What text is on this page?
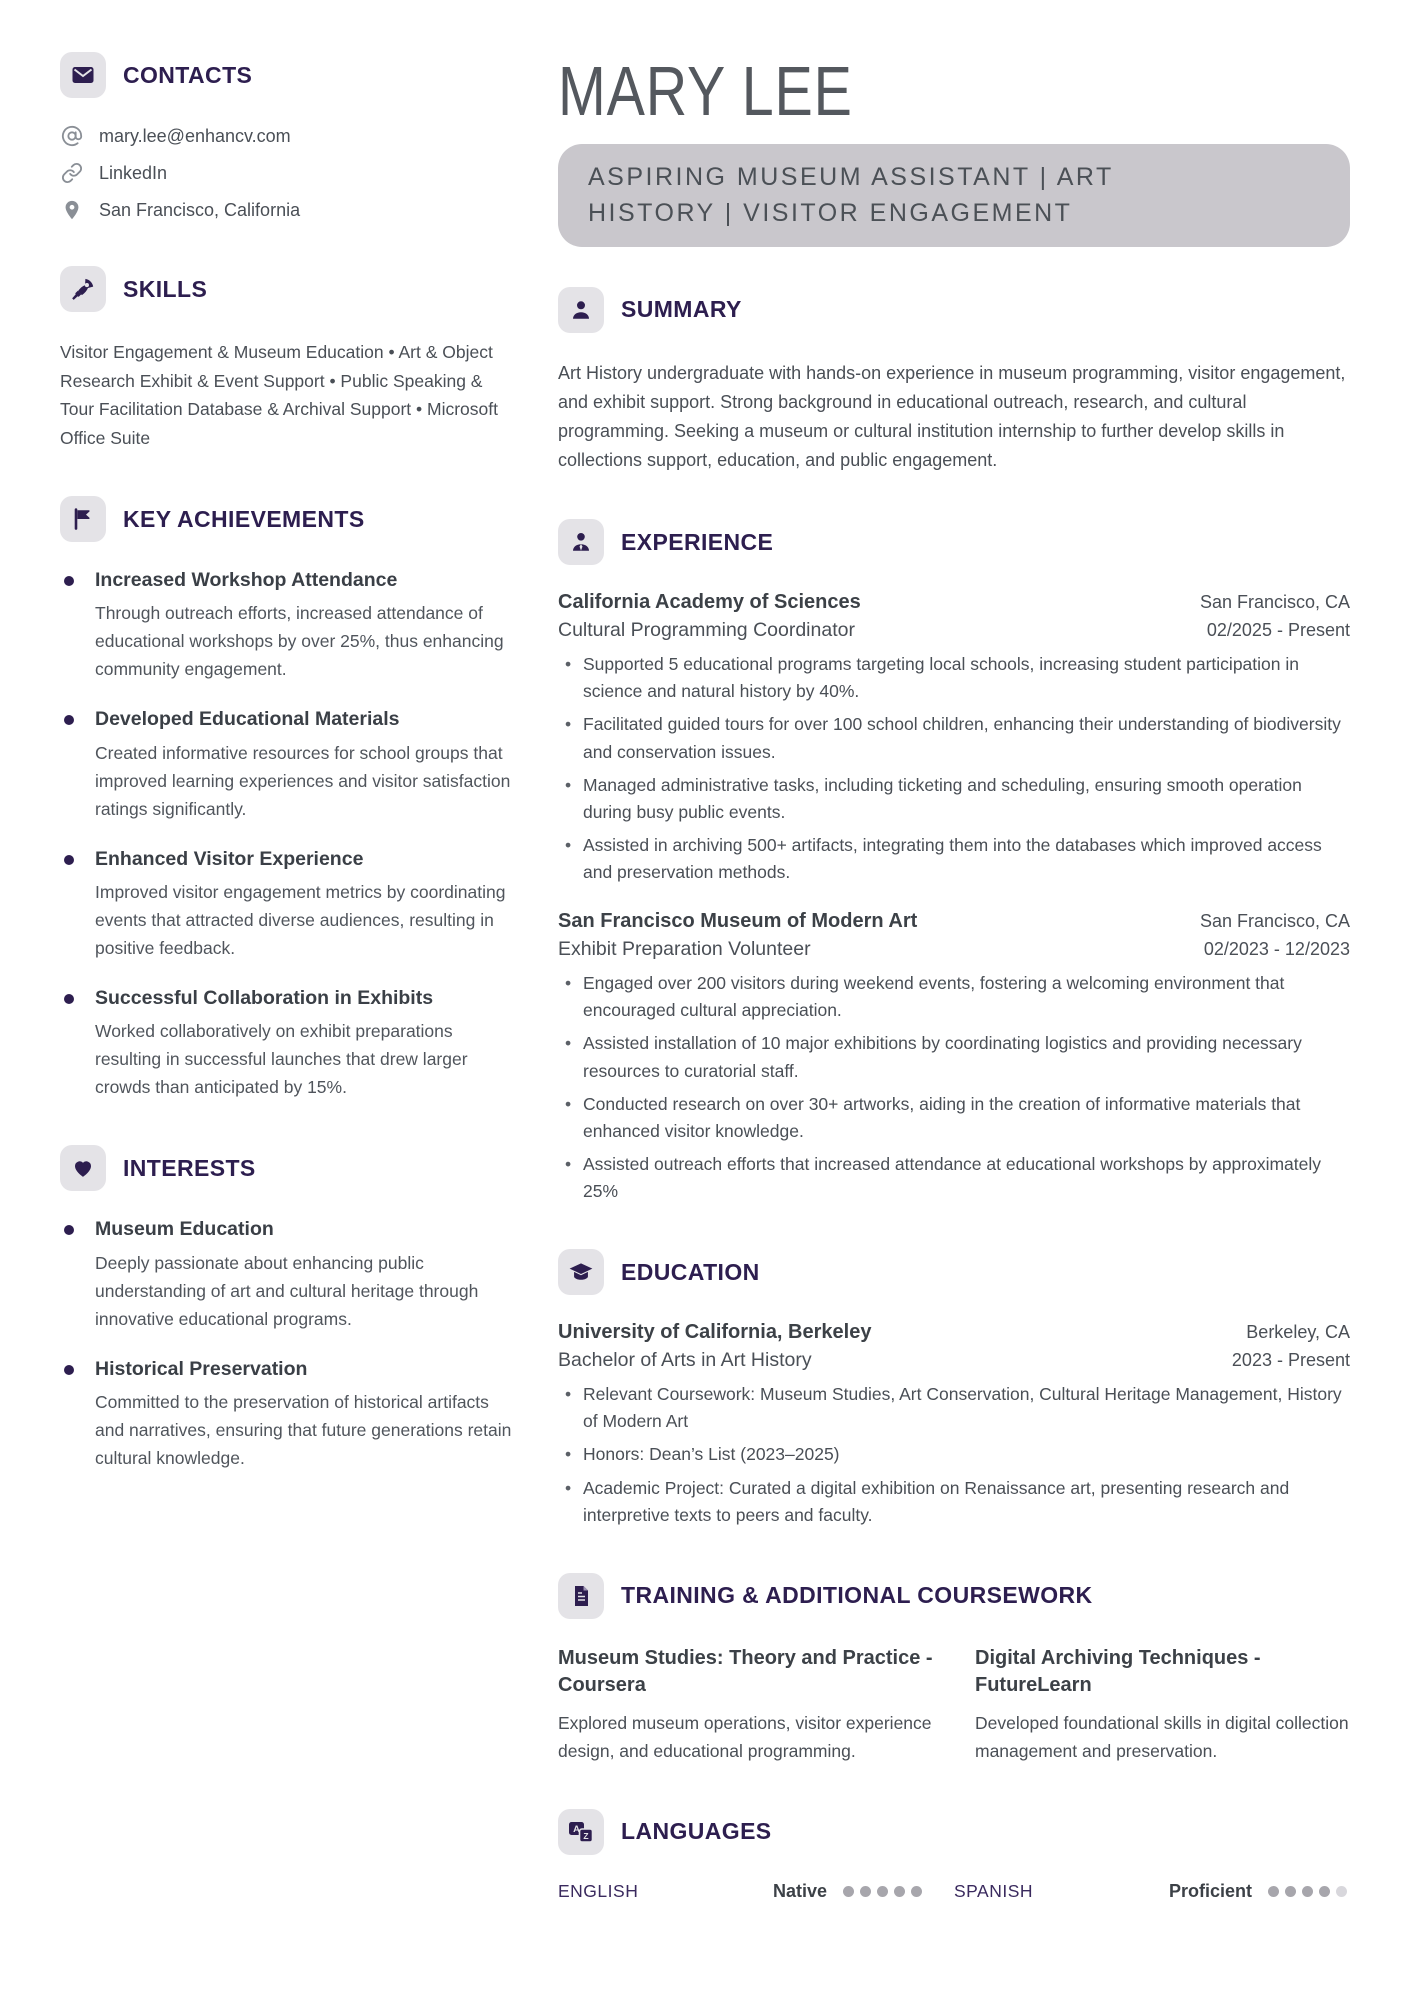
CONTACTS
mary.lee@enhancv.com
LinkedIn
San Francisco, California
SKILLS

Visitor Engagement & Museum Education • Art & Object Research Exhibit & Event Support • Public Speaking & Tour Facilitation Database & Archival Support • Microsoft Office Suite

KEY ACHIEVEMENTS
Increased Workshop Attendance
Through outreach efforts, increased attendance of educational workshops by over 25%, thus enhancing community engagement.
Developed Educational Materials
Created informative resources for school groups that improved learning experiences and visitor satisfaction ratings significantly.
Enhanced Visitor Experience
Improved visitor engagement metrics by coordinating events that attracted diverse audiences, resulting in positive feedback.
Successful Collaboration in Exhibits
Worked collaboratively on exhibit preparations resulting in successful launches that drew larger crowds than anticipated by 15%.
INTERESTS
Museum Education
Deeply passionate about enhancing public understanding of art and cultural heritage through innovative educational programs.
Historical Preservation
Committed to the preservation of historical artifacts and narratives, ensuring that future generations retain cultural knowledge.
MARY LEE
ASPIRING MUSEUM ASSISTANT | ART HISTORY | VISITOR ENGAGEMENT
SUMMARY

Art History undergraduate with hands-on experience in museum programming, visitor engagement, and exhibit support. Strong background in educational outreach, research, and cultural programming. Seeking a museum or cultural institution internship to further develop skills in collections support, education, and public engagement.

EXPERIENCE
California Academy of Sciences	San Francisco, CA
Cultural Programming Coordinator	02/2025 - Present
• Supported 5 educational programs targeting local schools, increasing student participation in science and natural history by 40%.
• Facilitated guided tours for over 100 school children, enhancing their understanding of biodiversity and conservation issues.
• Managed administrative tasks, including ticketing and scheduling, ensuring smooth operation during busy public events.
• Assisted in archiving 500+ artifacts, integrating them into the databases which improved access and preservation methods.
San Francisco Museum of Modern Art	San Francisco, CA
Exhibit Preparation Volunteer	02/2023 - 12/2023
• Engaged over 200 visitors during weekend events, fostering a welcoming environment that encouraged cultural appreciation.
• Assisted installation of 10 major exhibitions by coordinating logistics and providing necessary resources to curatorial staff.
• Conducted research on over 30+ artworks, aiding in the creation of informative materials that enhanced visitor knowledge.
• Assisted outreach efforts that increased attendance at educational workshops by approximately 25%
EDUCATION
University of California, Berkeley	Berkeley, CA
Bachelor of Arts in Art History	2023 - Present
• Relevant Coursework: Museum Studies, Art Conservation, Cultural Heritage Management, History of Modern Art
• Honors: Dean’s List (2023–2025)
• Academic Project: Curated a digital exhibition on Renaissance art, presenting research and interpretive texts to peers and faculty.
TRAINING & ADDITIONAL COURSEWORK
Museum Studies: Theory and Practice - Coursera
Explored museum operations, visitor experience design, and educational programming.
Digital Archiving Techniques - FutureLearn
Developed foundational skills in digital collection management and preservation.
A
Z LANGUAGES
ENGLISH	Native	SPANISH	Proficient
